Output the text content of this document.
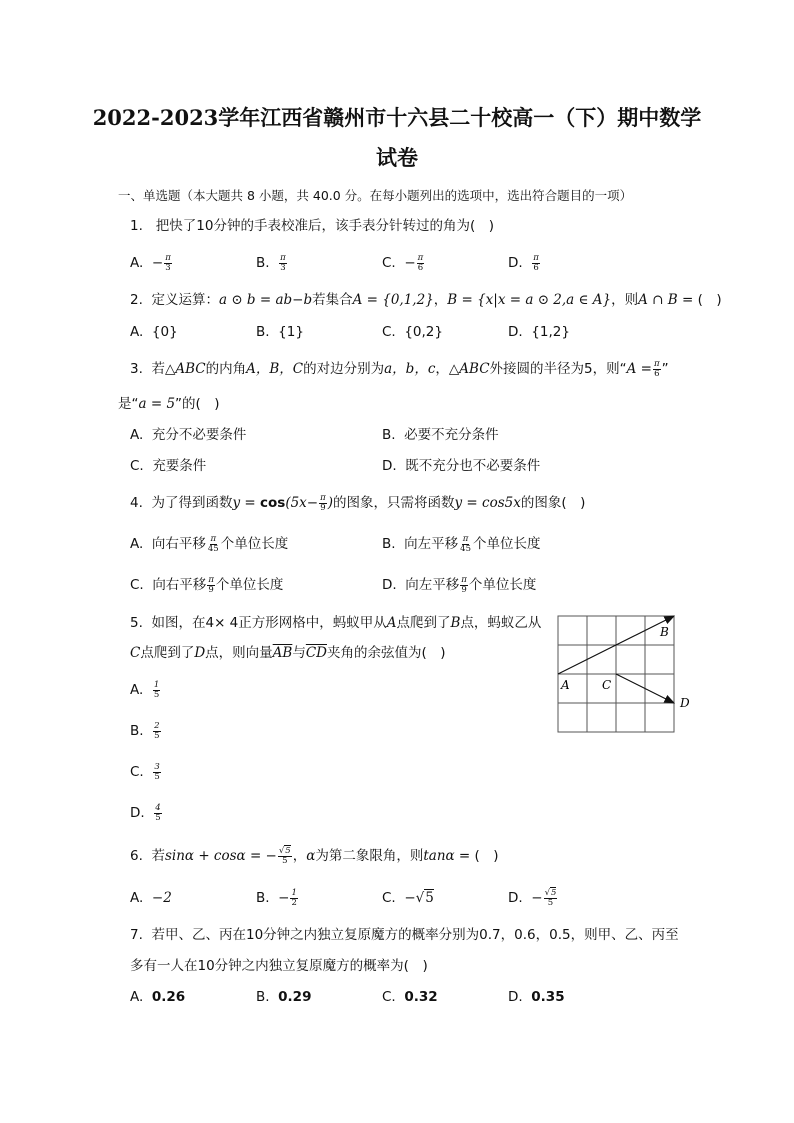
2022-2023学年江西省赣州市十六县二十校高一（下）期中数学
试卷
一、单选题（本大题共 8 小题，共 40.0 分。在每小题列出的选项中，选出符合题目的一项）
1. 把快了10分钟的手表校准后，该手表分针转过的角为(　)
A. − $\frac{\pi}{3}$	B. $\frac{\pi}{3}$	C. − $\frac{\pi}{6}$	D. $\frac{\pi}{6}$
2. 定义运算：a ⊙ b = ab−b若集合A = {0,1,2}，B = {x|x = a ⊙ 2,a ∈ A}，则A ∩ B = (　)
A. {0}	B. {1}	C. {0,2}	D. {1,2}
3. 若△ABC的内角A，B，C的对边分别为a，b，c，△ABC外接圆的半径为5，则“$A = \frac{\pi}{6}$ ”
是“a = 5”的(　)
A. 充分不必要条件	B. 必要不充分条件
C. 充要条件	D. 既不充分也不必要条件
4. 为了得到函数$y = \cos(5x- \frac{\pi}{9}$ )的图象，只需将函数y = cos5x的图象(　)
A. 向右平移 $\frac{\pi}{45}$ 个单位长度	B. 向左平移 $\frac{\pi}{45}$ 个单位长度
C. 向右平移 $\frac{\pi}{9}$ 个单位长度	D. 向左平移 $\frac{\pi}{9}$ 个单位长度
5. 如图，在4× 4正方形网格中，蚂蚁甲从A点爬到了B点，蚂蚁乙从
C点爬到了D点，则向量$\overline{AB}$与$\overline{CD}$夹角的余弦值为(　)
A
B
C
D
A. $\frac{1}{5}$
B. $\frac{2}{5}$
C. $\frac{3}{5}$
D. $\frac{4}{5}$
6. 若sinα + cosα = − $\frac{√5}{5}$ ，α为第二象限角，则tanα = (　)
A. −2	B. − $\frac{1}{2}$	C. −√5	D. − $\frac{√5}{5}$
7. 若甲、乙、丙在10分钟之内独立复原魔方的概率分别为0.7，0.6，0.5，则甲、乙、丙至
多有一人在10分钟之内独立复原魔方的概率为(　)
A. 0.26	B. 0.29	C. 0.32	D. 0.35
